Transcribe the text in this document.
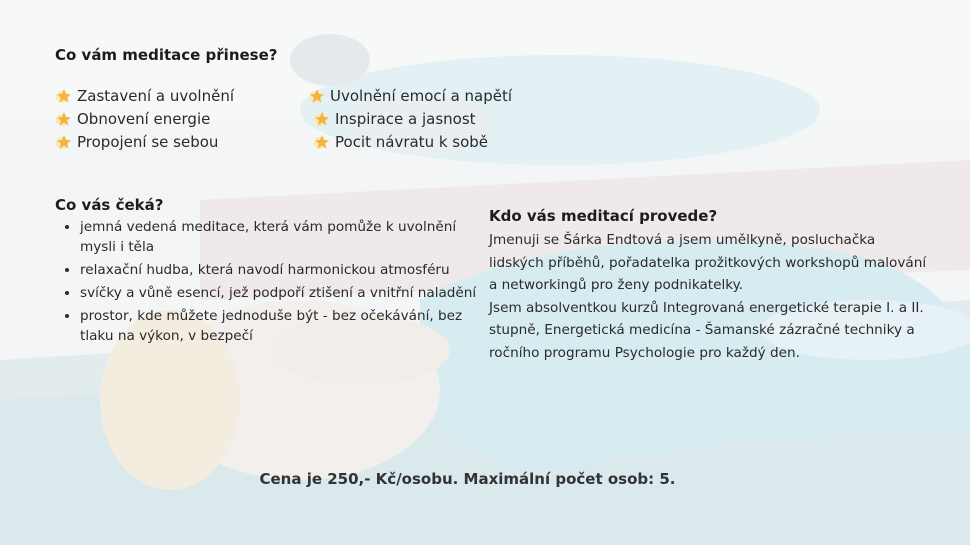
Co vám meditace přinese?
Zastavení a uvolnění
Obnovení energie
Propojení se sebou
Uvolnění emocí a napětí
Inspirace a jasnost
Pocit návratu k sobě
Co vás čeká?
• jemná vedená meditace, která vám pomůže k uvolnění mysli i těla
• relaxační hudba, která navodí harmonickou atmosféru
• svíčky a vůně esencí, jež podpoří ztišení a vnitřní naladění
• prostor, kde můžete jednoduše být - bez očekávání, bez tlaku na výkon, v bezpečí
Kdo vás meditací provede?

Jmenuji se Šárka Endtová a jsem umělkyně, posluchačka lidských příběhů, pořadatelka prožitkových workshopů malování a networkingů pro ženy podnikatelky.

Jsem absolventkou kurzů Integrovaná energetické terapie I. a II. stupně, Energetická medicína - Šamanské zázračné techniky a ročního programu Psychologie pro každý den.

Cena je 250,- Kč/osobu. Maximální počet osob: 5.
